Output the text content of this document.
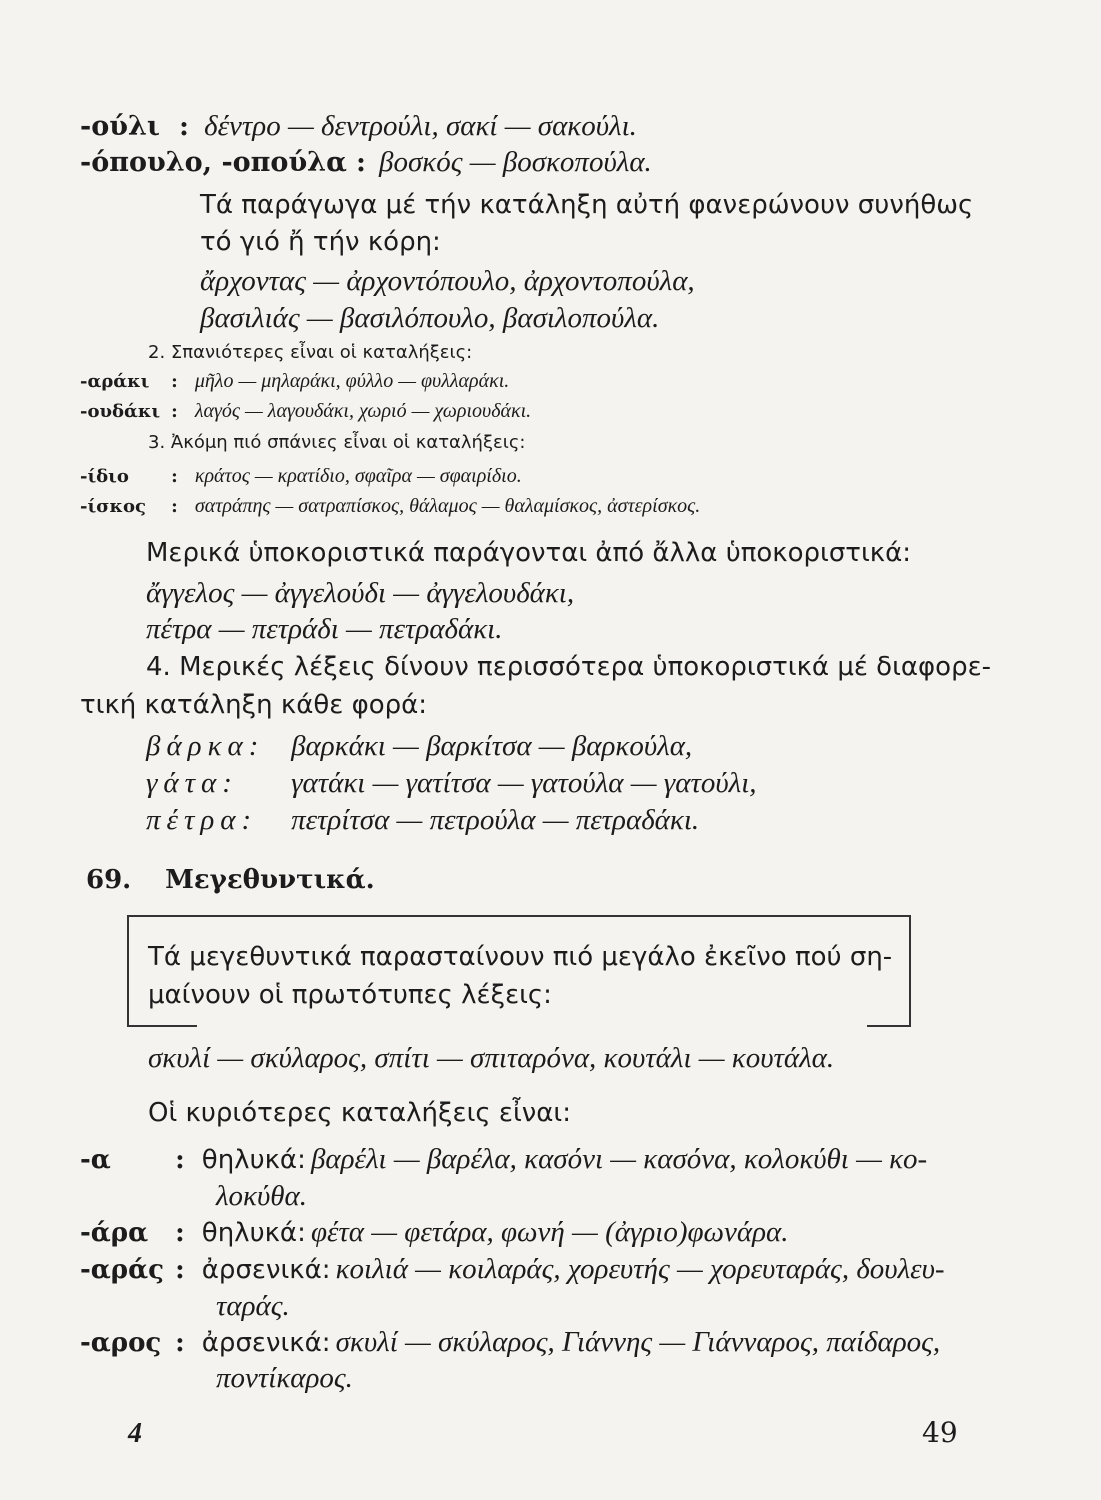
-ούλι : δέντρο — δεντρούλι, σακί — σακούλι.
-όπουλο, -οπούλα : βοσκός — βοσκοπούλα.
Τά παράγωγα μέ τήν κατάληξη αὐτή φανερώνουν συνήθως
τό γιό ἤ τήν κόρη:
ἄρχοντας — ἀρχοντόπουλο, ἀρχοντοπούλα,
βασιλιάς — βασιλόπουλο, βασιλοπούλα.
2. Σπανιότερες εἶναι οἱ καταλήξεις:
-αράκι : μῆλο — μηλαράκι, φύλλο — φυλλαράκι.
-ουδάκι : λαγός — λαγουδάκι, χωριό — χωριουδάκι.
3. Ἀκόμη πιό σπάνιες εἶναι οἱ καταλήξεις:
-ίδιο : κράτος — κρατίδιο, σφαῖρα — σφαιρίδιο.
-ίσκος : σατράπης — σατραπίσκος, θάλαμος — θαλαμίσκος, ἀστερίσκος.
Μερικά ὑποκοριστικά παράγονται ἀπό ἄλλα ὑποκοριστικά:
ἄγγελος — ἀγγελούδι — ἀγγελουδάκι,
πέτρα — πετράδι — πετραδάκι.
4. Μερικές λέξεις δίνουν περισσότερα ὑποκοριστικά μέ διαφορε-
τική κατάληξη κάθε φορά:
βάρκα: βαρκάκι — βαρκίτσα — βαρκούλα,
γάτα: γατάκι — γατίτσα — γατούλα — γατούλι,
πέτρα: πετρίτσα — πετρούλα — πετραδάκι.
69. Μεγεθυντικά.
Τά μεγεθυντικά παρασταίνουν πιό μεγάλο ἐκεῖνο πού ση-
μαίνουν οἱ πρωτότυπες λέξεις:
σκυλί — σκύλαρος, σπίτι — σπιταρόνα, κουτάλι — κουτάλα.
Οἱ κυριότερες καταλήξεις εἶναι:
-α : θηλυκά: βαρέλι — βαρέλα, κασόνι — κασόνα, κολοκύθι — κο-
λοκύθα.
-άρα : θηλυκά: φέτα — φετάρα, φωνή — (ἀγριο)φωνάρα.
-αράς : ἀρσενικά: κοιλιά — κοιλαράς, χορευτής — χορευταράς, δουλευ-
ταράς.
-αρος : ἀρσενικά: σκυλί — σκύλαρος, Γιάννης — Γιάνναρος, παίδαρος,
ποντίκαρος.
4	49
